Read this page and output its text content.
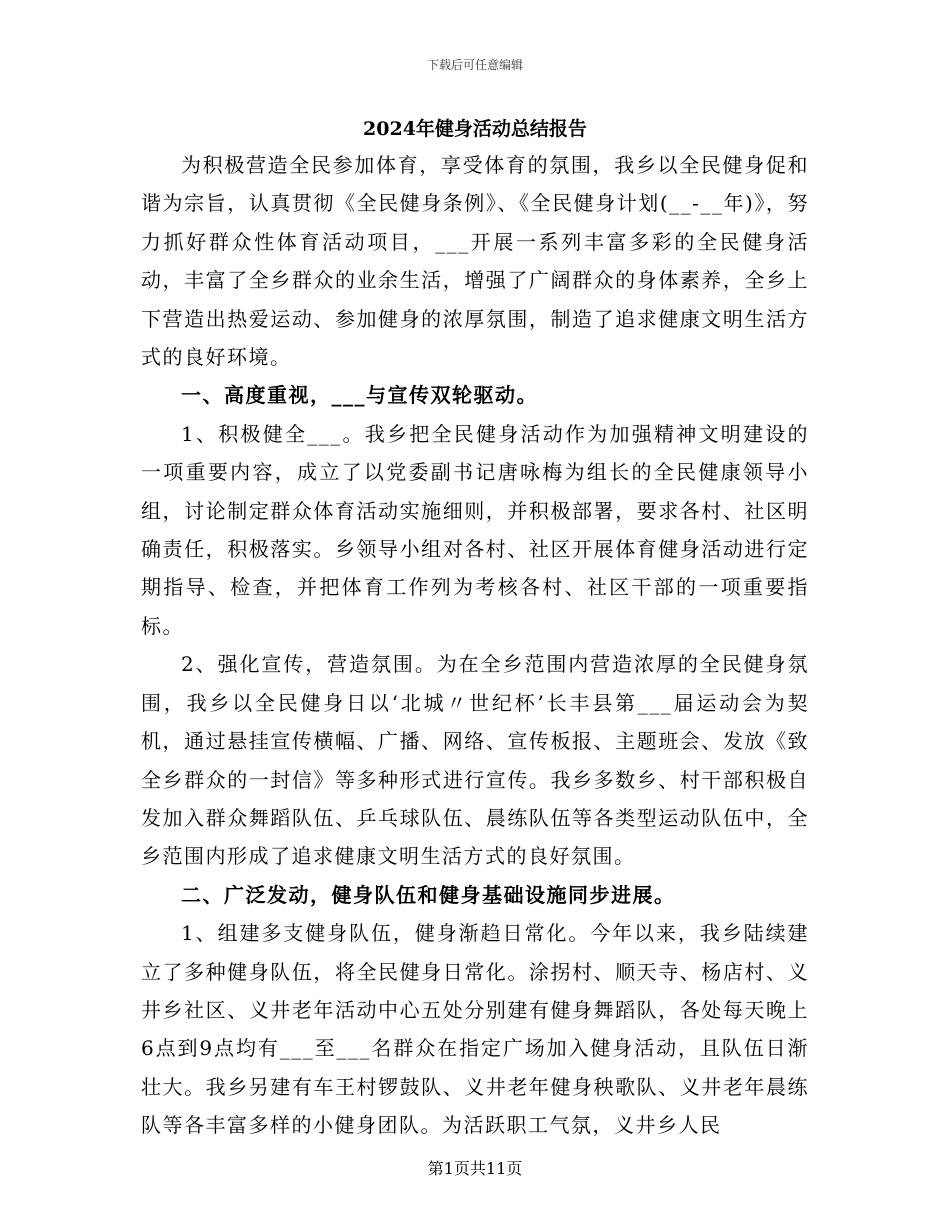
下载后可任意编辑
2024年健身活动总结报告

为积极营造全民参加体育，享受体育的氛围，我乡以全民健身促和谐为宗旨，认真贯彻《全民健身条例》、《全民健身计划(__-__年)》，努力抓好群众性体育活动项目，___开展一系列丰富多彩的全民健身活动，丰富了全乡群众的业余生活，增强了广阔群众的身体素养，全乡上下营造出热爱运动、参加健身的浓厚氛围，制造了追求健康文明生活方式的良好环境。

一、高度重视，___与宣传双轮驱动。

1、积极健全___。我乡把全民健身活动作为加强精神文明建设的一项重要内容，成立了以党委副书记唐咏梅为组长的全民健康领导小组，讨论制定群众体育活动实施细则，并积极部署，要求各村、社区明确责任，积极落实。乡领导小组对各村、社区开展体育健身活动进行定期指导、检查，并把体育工作列为考核各村、社区干部的一项重要指标。

2、强化宣传，营造氛围。为在全乡范围内营造浓厚的全民健身氛围，我乡以全民健身日以‘北城〃世纪杯’长丰县第___届运动会为契机，通过悬挂宣传横幅、广播、网络、宣传板报、主题班会、发放《致全乡群众的一封信》等多种形式进行宣传。我乡多数乡、村干部积极自发加入群众舞蹈队伍、乒乓球队伍、晨练队伍等各类型运动队伍中，全乡范围内形成了追求健康文明生活方式的良好氛围。

二、广泛发动，健身队伍和健身基础设施同步进展。

1、组建多支健身队伍，健身渐趋日常化。今年以来，我乡陆续建立了多种健身队伍，将全民健身日常化。涂拐村、顺天寺、杨店村、义井乡社区、义井老年活动中心五处分别建有健身舞蹈队，各处每天晚上6点到9点均有___至___名群众在指定广场加入健身活动，且队伍日渐壮大。我乡另建有车王村锣鼓队、义井老年健身秧歌队、义井老年晨练队等各丰富多样的小健身团队。为活跃职工气氛，义井乡人民

第1页共11页
